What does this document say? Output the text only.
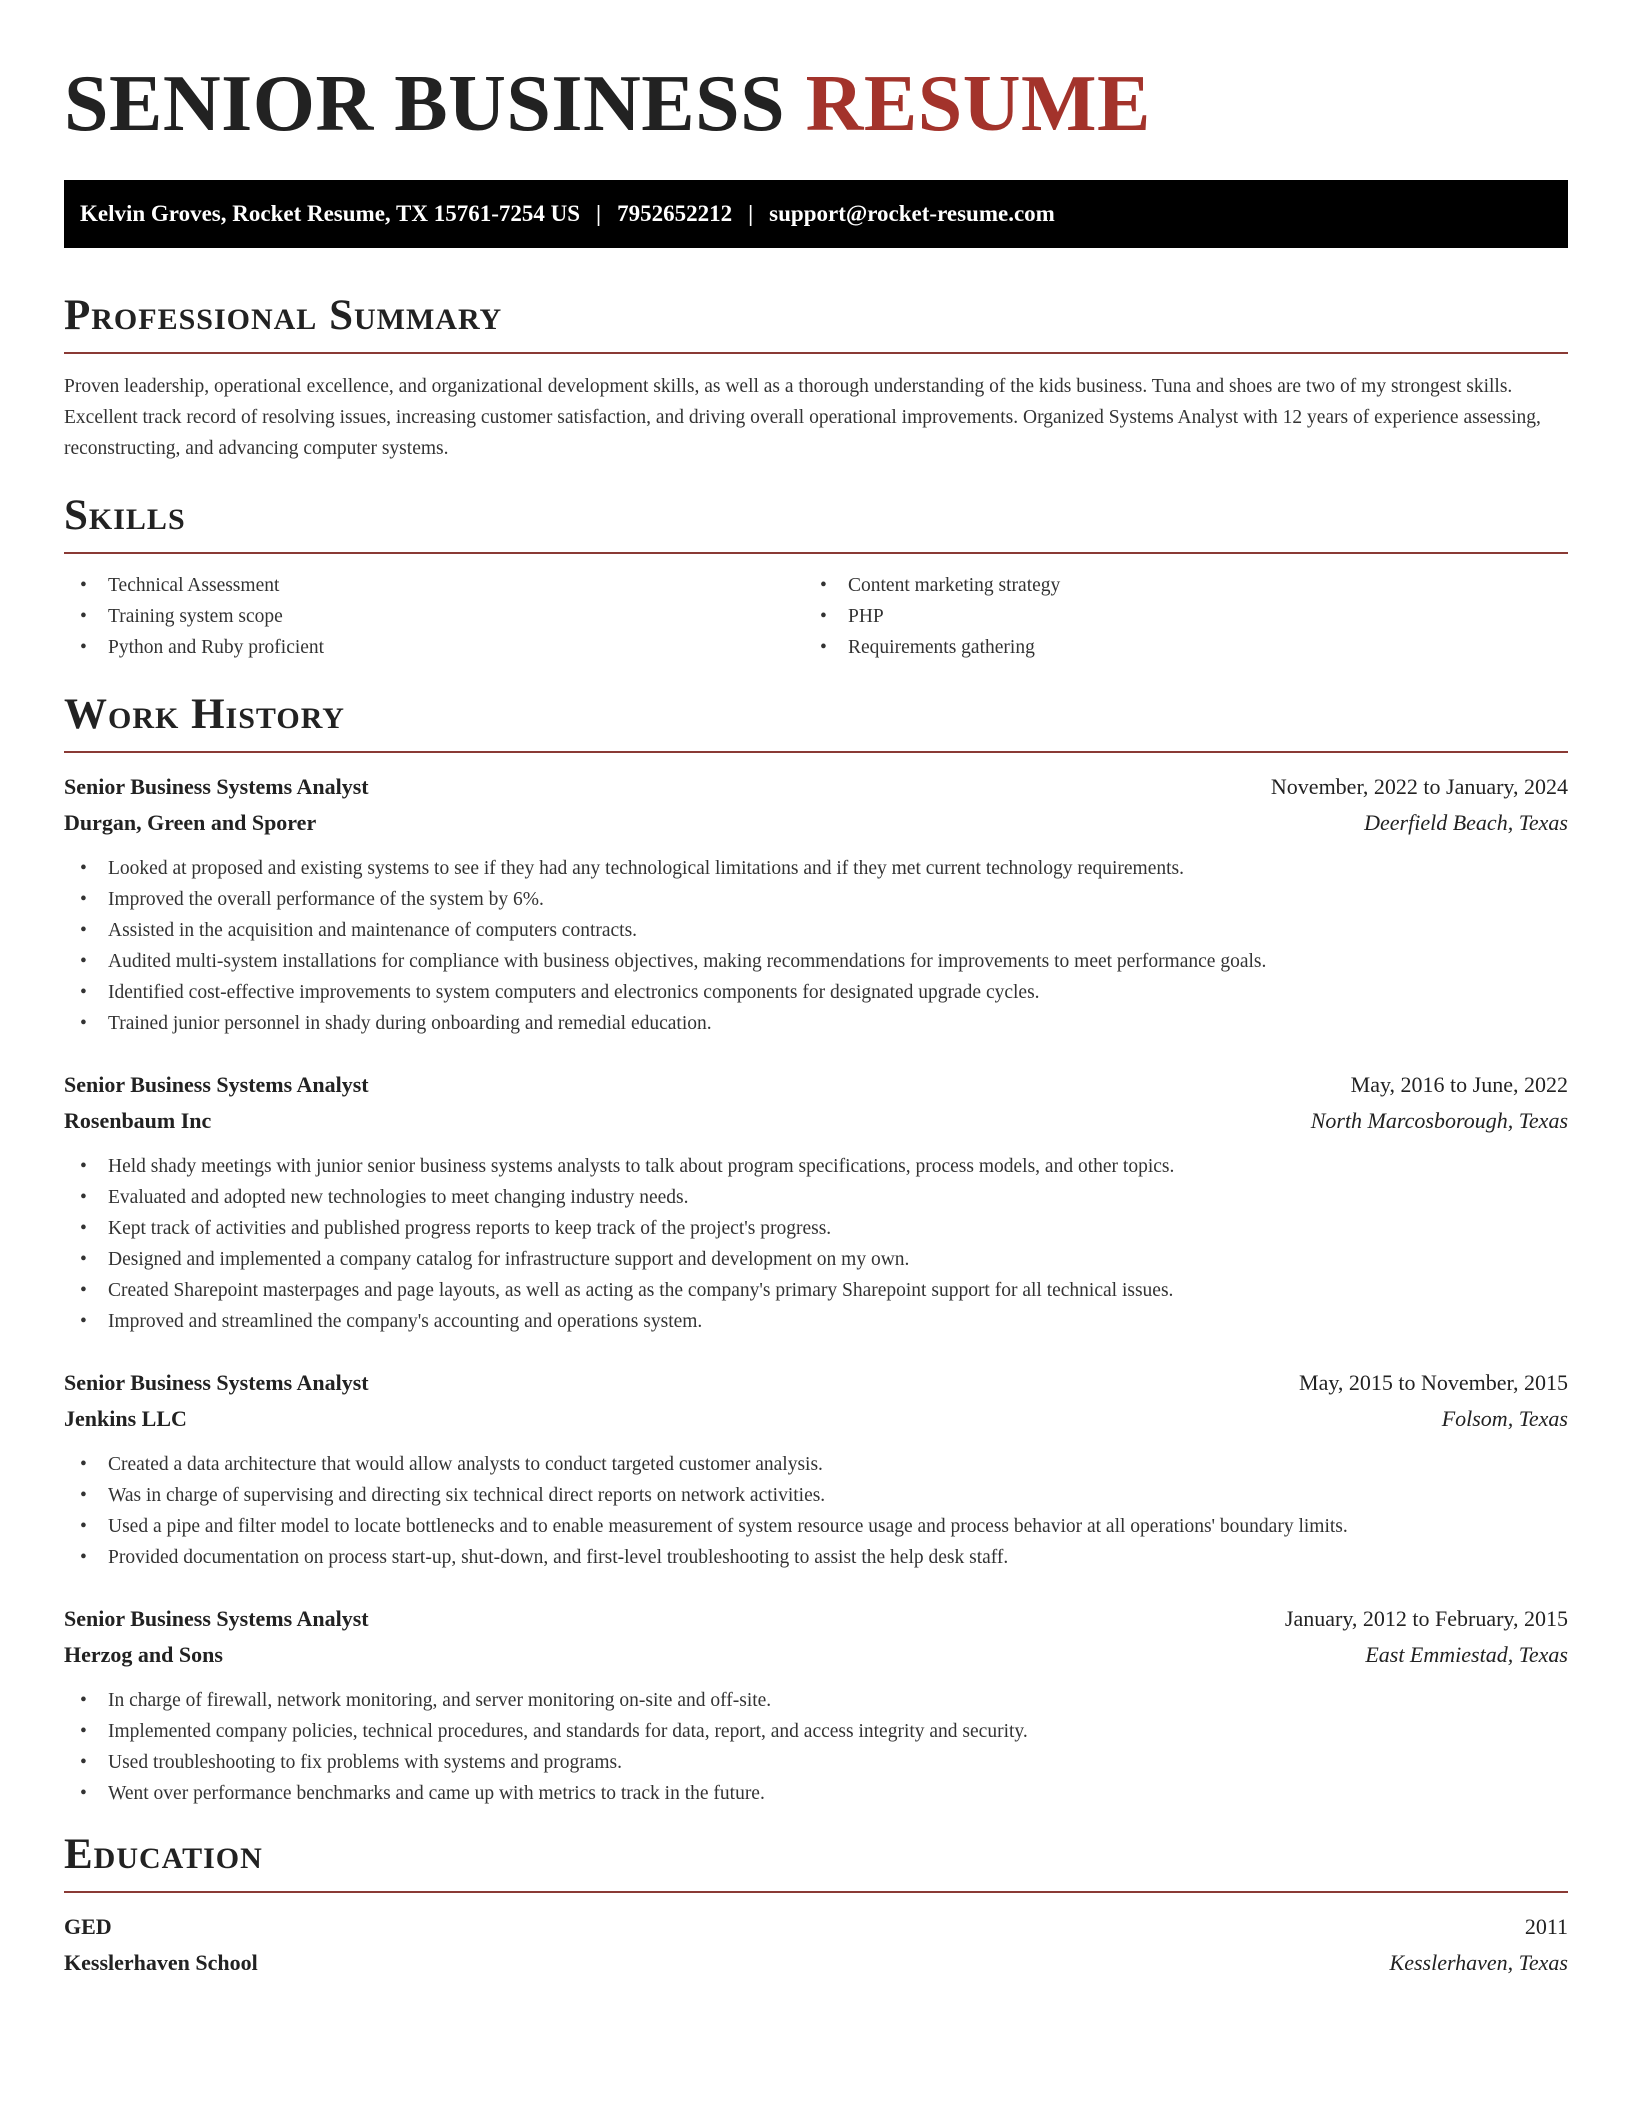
SENIOR BUSINESS RESUME
Kelvin Groves, Rocket Resume, TX 15761-7254 US | 7952652212 | support@rocket-resume.com
Professional Summary

Proven leadership, operational excellence, and organizational development skills, as well as a thorough understanding of the kids business. Tuna and shoes are two of my strongest skills. Excellent track record of resolving issues, increasing customer satisfaction, and driving overall operational improvements. Organized Systems Analyst with 12 years of experience assessing, reconstructing, and advancing computer systems.

Skills
• Technical Assessment
• Training system scope
• Python and Ruby proficient
• Content marketing strategy
• PHP
• Requirements gathering
Work History
Senior Business Systems Analyst	November, 2022 to January, 2024
Durgan, Green and Sporer	Deerfield Beach, Texas
• Looked at proposed and existing systems to see if they had any technological limitations and if they met current technology requirements.
• Improved the overall performance of the system by 6%.
• Assisted in the acquisition and maintenance of computers contracts.
• Audited multi-system installations for compliance with business objectives, making recommendations for improvements to meet performance goals.
• Identified cost-effective improvements to system computers and electronics components for designated upgrade cycles.
• Trained junior personnel in shady during onboarding and remedial education.
Senior Business Systems Analyst	May, 2016 to June, 2022
Rosenbaum Inc	North Marcosborough, Texas
• Held shady meetings with junior senior business systems analysts to talk about program specifications, process models, and other topics.
• Evaluated and adopted new technologies to meet changing industry needs.
• Kept track of activities and published progress reports to keep track of the project's progress.
• Designed and implemented a company catalog for infrastructure support and development on my own.
• Created Sharepoint masterpages and page layouts, as well as acting as the company's primary Sharepoint support for all technical issues.
• Improved and streamlined the company's accounting and operations system.
Senior Business Systems Analyst	May, 2015 to November, 2015
Jenkins LLC	Folsom, Texas
• Created a data architecture that would allow analysts to conduct targeted customer analysis.
• Was in charge of supervising and directing six technical direct reports on network activities.
• Used a pipe and filter model to locate bottlenecks and to enable measurement of system resource usage and process behavior at all operations' boundary limits.
• Provided documentation on process start-up, shut-down, and first-level troubleshooting to assist the help desk staff.
Senior Business Systems Analyst	January, 2012 to February, 2015
Herzog and Sons	East Emmiestad, Texas
• In charge of firewall, network monitoring, and server monitoring on-site and off-site.
• Implemented company policies, technical procedures, and standards for data, report, and access integrity and security.
• Used troubleshooting to fix problems with systems and programs.
• Went over performance benchmarks and came up with metrics to track in the future.
Education
GED	2011
Kesslerhaven School	Kesslerhaven, Texas
